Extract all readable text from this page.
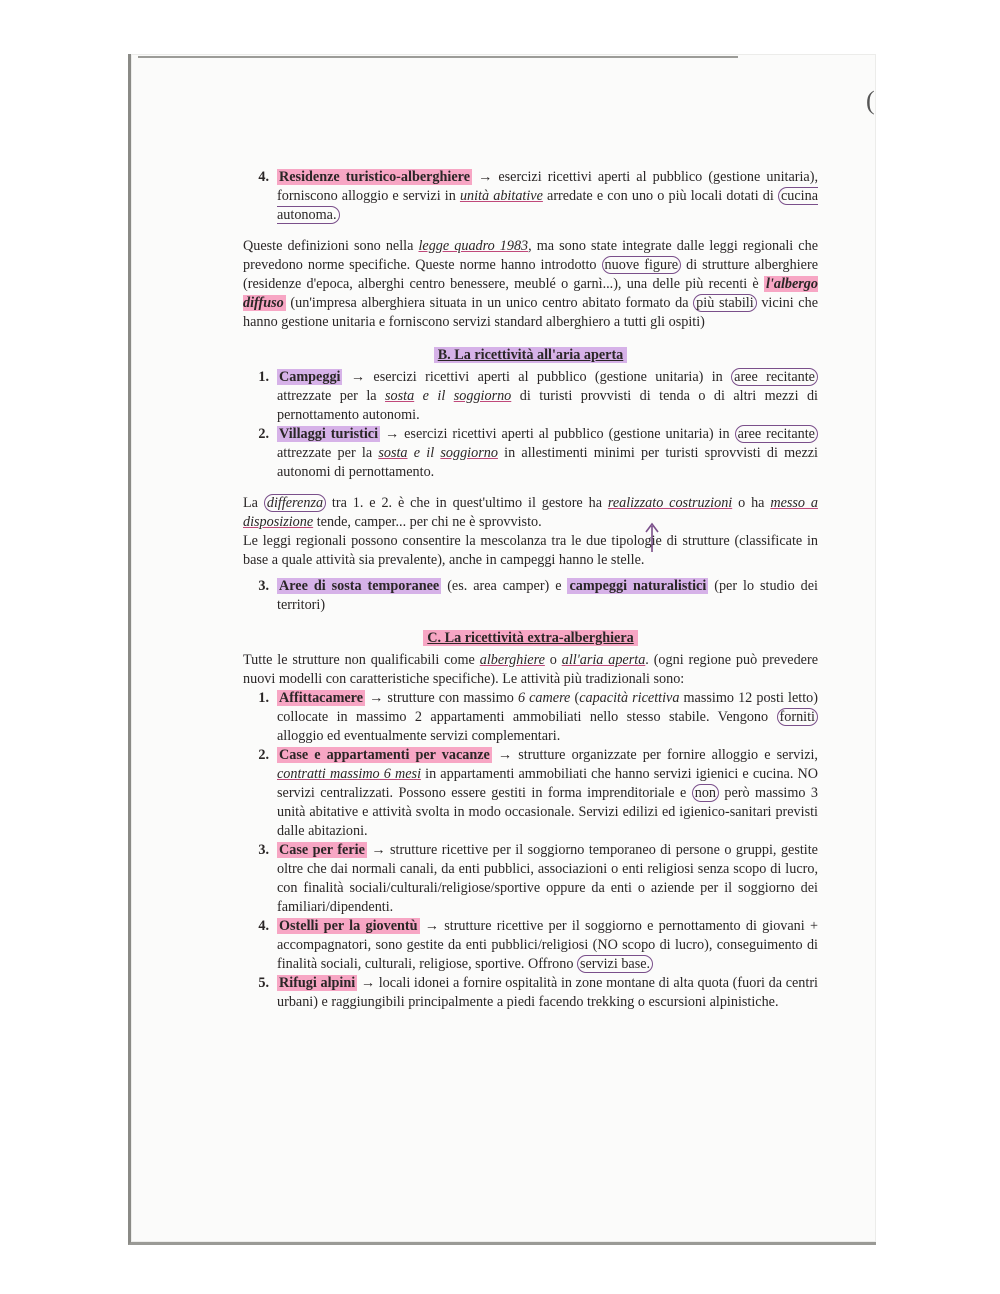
(
4. Residenze turistico-alberghiere → esercizi ricettivi aperti al pubblico (gestione unitaria), forniscono alloggio e servizi in unità abitative arredate e con uno o più locali dotati di cucina autonoma.

Queste definizioni sono nella legge quadro 1983, ma sono state integrate dalle leggi regionali che prevedono norme specifiche. Queste norme hanno introdotto nuove figure di strutture alberghiere (residenze d'epoca, alberghi centro benessere, meublé o garnì...), una delle più recenti è l'albergo diffuso (un'impresa alberghiera situata in un unico centro abitato formato da più stabili vicini che hanno gestione unitaria e forniscono servizi standard alberghiero a tutti gli ospiti)

B. La ricettività all'aria aperta
1. Campeggi → esercizi ricettivi aperti al pubblico (gestione unitaria) in aree recitante attrezzate per la sosta e il soggiorno di turisti provvisti di tenda o di altri mezzi di pernottamento autonomi.
2. Villaggi turistici → esercizi ricettivi aperti al pubblico (gestione unitaria) in aree recitante attrezzate per la sosta e il soggiorno in allestimenti minimi per turisti sprovvisti di mezzi autonomi di pernottamento.

La differenza tra 1. e 2. è che in quest'ultimo il gestore ha realizzato costruzioni o ha messo a disposizione tende, camper... per chi ne è sprovvisto.

Le leggi regionali possono consentire la mescolanza tra le due tipologie di strutture (classificate in base a quale attività sia prevalente), anche in campeggi hanno le stelle.

3. Aree di sosta temporanee (es. area camper) e campeggi naturalistici (per lo studio dei territori)
C. La ricettività extra-alberghiera

Tutte le strutture non qualificabili come alberghiere o all'aria aperta. (ogni regione può prevedere nuovi modelli con caratteristiche specifiche). Le attività più tradizionali sono:

1. Affittacamere → strutture con massimo 6 camere (capacità ricettiva massimo 12 posti letto) collocate in massimo 2 appartamenti ammobiliati nello stesso stabile. Vengono forniti alloggio ed eventualmente servizi complementari.
2. Case e appartamenti per vacanze → strutture organizzate per fornire alloggio e servizi, contratti massimo 6 mesi in appartamenti ammobiliati che hanno servizi igienici e cucina. NO servizi centralizzati. Possono essere gestiti in forma imprenditoriale e non però massimo 3 unità abitative e attività svolta in modo occasionale. Servizi edilizi ed igienico-sanitari previsti dalle abitazioni.
3. Case per ferie → strutture ricettive per il soggiorno temporaneo di persone o gruppi, gestite oltre che dai normali canali, da enti pubblici, associazioni o enti religiosi senza scopo di lucro, con finalità sociali/culturali/religiose/sportive oppure da enti o aziende per il soggiorno dei familiari/dipendenti.
4. Ostelli per la gioventù → strutture ricettive per il soggiorno e pernottamento di giovani + accompagnatori, sono gestite da enti pubblici/religiosi (NO scopo di lucro), conseguimento di finalità sociali, culturali, religiose, sportive. Offrono servizi base.
5. Rifugi alpini → locali idonei a fornire ospitalità in zone montane di alta quota (fuori da centri urbani) e raggiungibili principalmente a piedi facendo trekking o escursioni alpinistiche.
